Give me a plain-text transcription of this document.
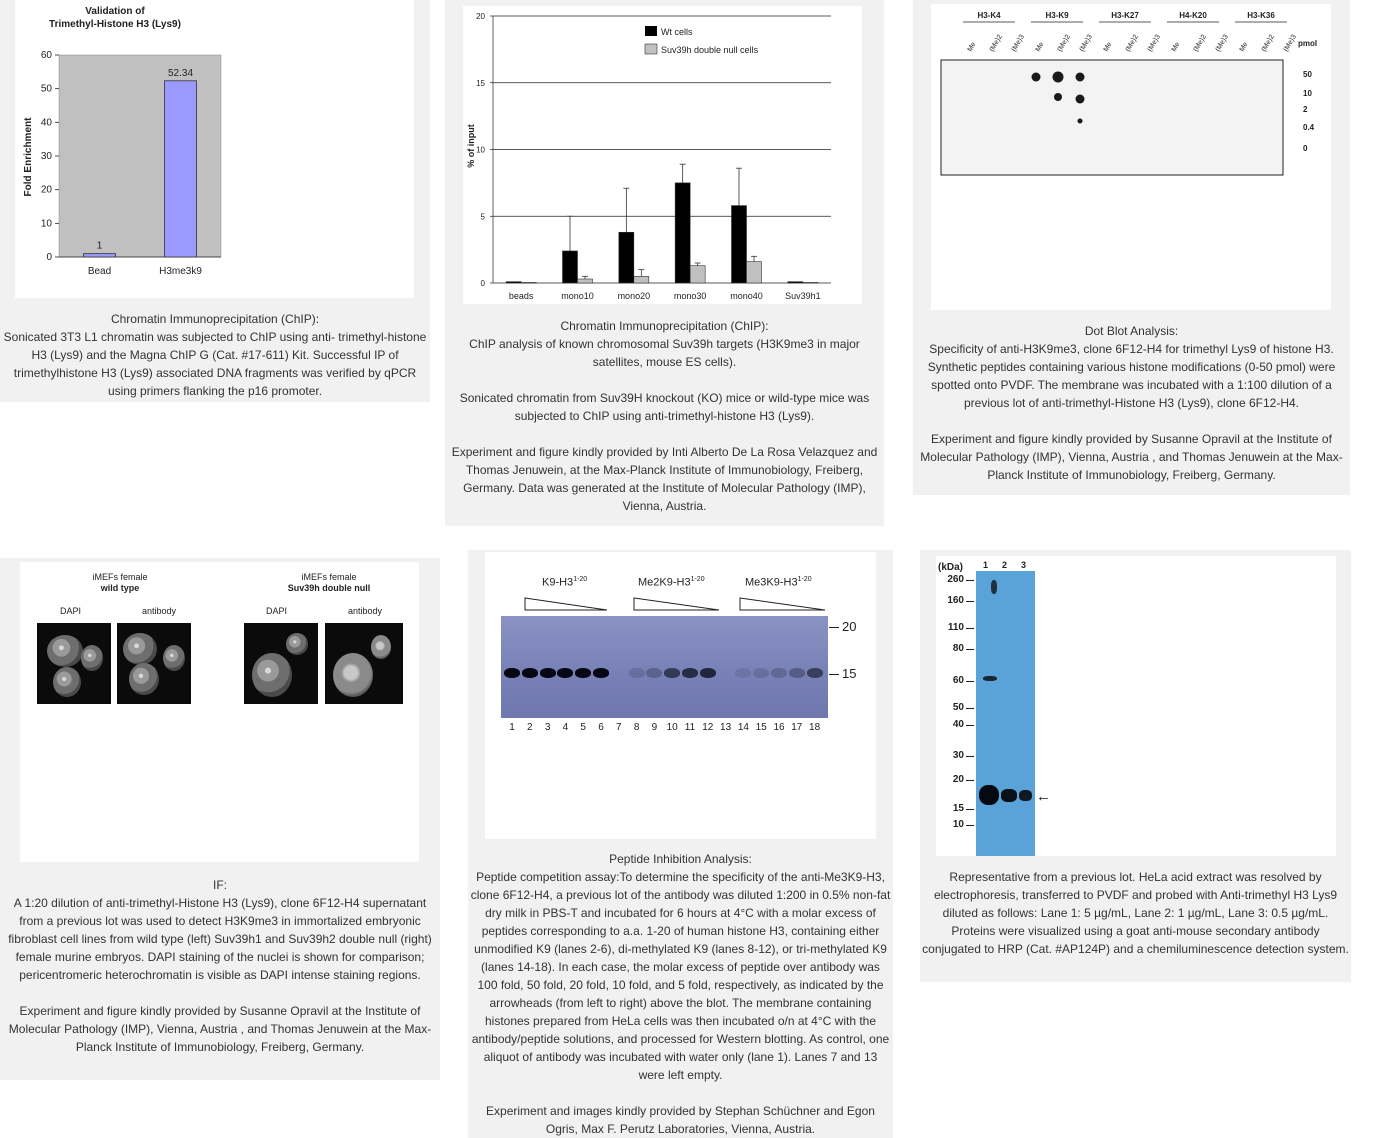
Validation of
Trimethyl-Histone H3 (Lys9)
0
10
20
30
40
50
60
1
Bead
52.34
H3me3k9
Fold Enrichment

Chromatin Immunoprecipitation (ChIP):
Sonicated 3T3 L1 chromatin was subjected to ChIP using anti- trimethyl-histone H3 (Lys9) and the Magna ChIP G (Cat. #17-611) Kit. Successful IP of trimethylhistone H3 (Lys9) associated DNA fragments was verified by qPCR using primers flanking the p16 promoter.

0
5
10
15
20
beads	mono10	mono20	mono30	mono40 Suv39h1
% of input
Wt cells
Suv39h double null cells

Chromatin Immunoprecipitation (ChIP):
ChIP analysis of known chromosomal Suv39h targets (H3K9me3 in major satellites, mouse ES cells).

Sonicated chromatin from Suv39H knockout (KO) mice or wild-type mice was subjected to ChIP using anti-trimethyl-histone H3 (Lys9).

Experiment and figure kindly provided by Inti Alberto De La Rosa Velazquez and Thomas Jenuwein, at the Max-Planck Institute of Immunobiology, Freiberg, Germany. Data was generated at the Institute of Molecular Pathology (IMP), Vienna, Austria.

H3-K4
Me (Me)2 (Me)3
H3-K9
Me (Me)2 (Me)3
H3-K27
Me (Me)2 (Me)3
H4-K20
Me (Me)2 (Me)3
H3-K36
Me (Me)2 (Me)3 pmol
50
10
2
0.4
0

Dot Blot Analysis:
Specificity of anti-H3K9me3, clone 6F12-H4 for trimethyl Lys9 of histone H3. Synthetic peptides containing various histone modifications (0-50 pmol) were spotted onto PVDF. The membrane was incubated with a 1:100 dilution of a previous lot of anti-trimethyl-Histone H3 (Lys9), clone 6F12-H4.

Experiment and figure kindly provided by Susanne Opravil at the Institute of Molecular Pathology (IMP), Vienna, Austria , and Thomas Jenuwein at the Max-Planck Institute of Immunobiology, Freiberg, Germany.

iMEFs female
wild type
iMEFs female
Suv39h double null
DAPI	antibody	DAPI	antibody

IF:
A 1:20 dilution of anti-trimethyl-Histone H3 (Lys9), clone 6F12-H4 supernatant from a previous lot was used to detect H3K9me3 in immortalized embryonic fibroblast cell lines from wild type (left) Suv39h1 and Suv39h2 double null (right) female murine embryos. DAPI staining of the nuclei is shown for comparison; pericentromeric heterochromatin is visible as DAPI intense staining regions.

Experiment and figure kindly provided by Susanne Opravil at the Institute of Molecular Pathology (IMP), Vienna, Austria , and Thomas Jenuwein at the Max-Planck Institute of Immunobiology, Freiberg, Germany.

K9-H3$^{1-20}$	Me2K9-H3$^{1-20}$	Me3K9-H3$^{1-20}$
20
15
1	2	3	4	5	6	7	8	9 10 11 12 13 14 15 16 17 18

Peptide Inhibition Analysis:
Peptide competition assay:To determine the specificity of the anti-Me3K9-H3, clone 6F12-H4, a previous lot of the antibody was diluted 1:200 in 0.5% non-fat dry milk in PBS-T and incubated for 6 hours at 4°C with a molar excess of peptides corresponding to a.a. 1-20 of human histone H3, containing either unmodified K9 (lanes 2-6), di-methylated K9 (lanes 8-12), or tri-methylated K9 (lanes 14-18). In each case, the molar excess of peptide over antibody was 100 fold, 50 fold, 20 fold, 10 fold, and 5 fold, respectively, as indicated by the arrowheads (from left to right) above the blot. The membrane containing histones prepared from HeLa cells was then incubated o/n at 4°C with the antibody/peptide solutions, and processed for Western blotting. As control, one aliquot of antibody was incubated with water only (lane 1). Lanes 7 and 13 were left empty.

Experiment and images kindly provided by Stephan Schüchner and Egon Ogris, Max F. Perutz Laboratories, Vienna, Austria.

(kDa) 1 2 3
260
160
110
80
60
50
40
30
20
15
10
←

Representative from a previous lot. HeLa acid extract was resolved by electrophoresis, transferred to PVDF and probed with Anti-trimethyl H3 Lys9 diluted as follows: Lane 1: 5 µg/mL, Lane 2: 1 µg/mL, Lane 3: 0.5 µg/mL. Proteins were visualized using a goat anti-mouse secondary antibody conjugated to HRP (Cat. #AP124P) and a chemiluminescence detection system.
